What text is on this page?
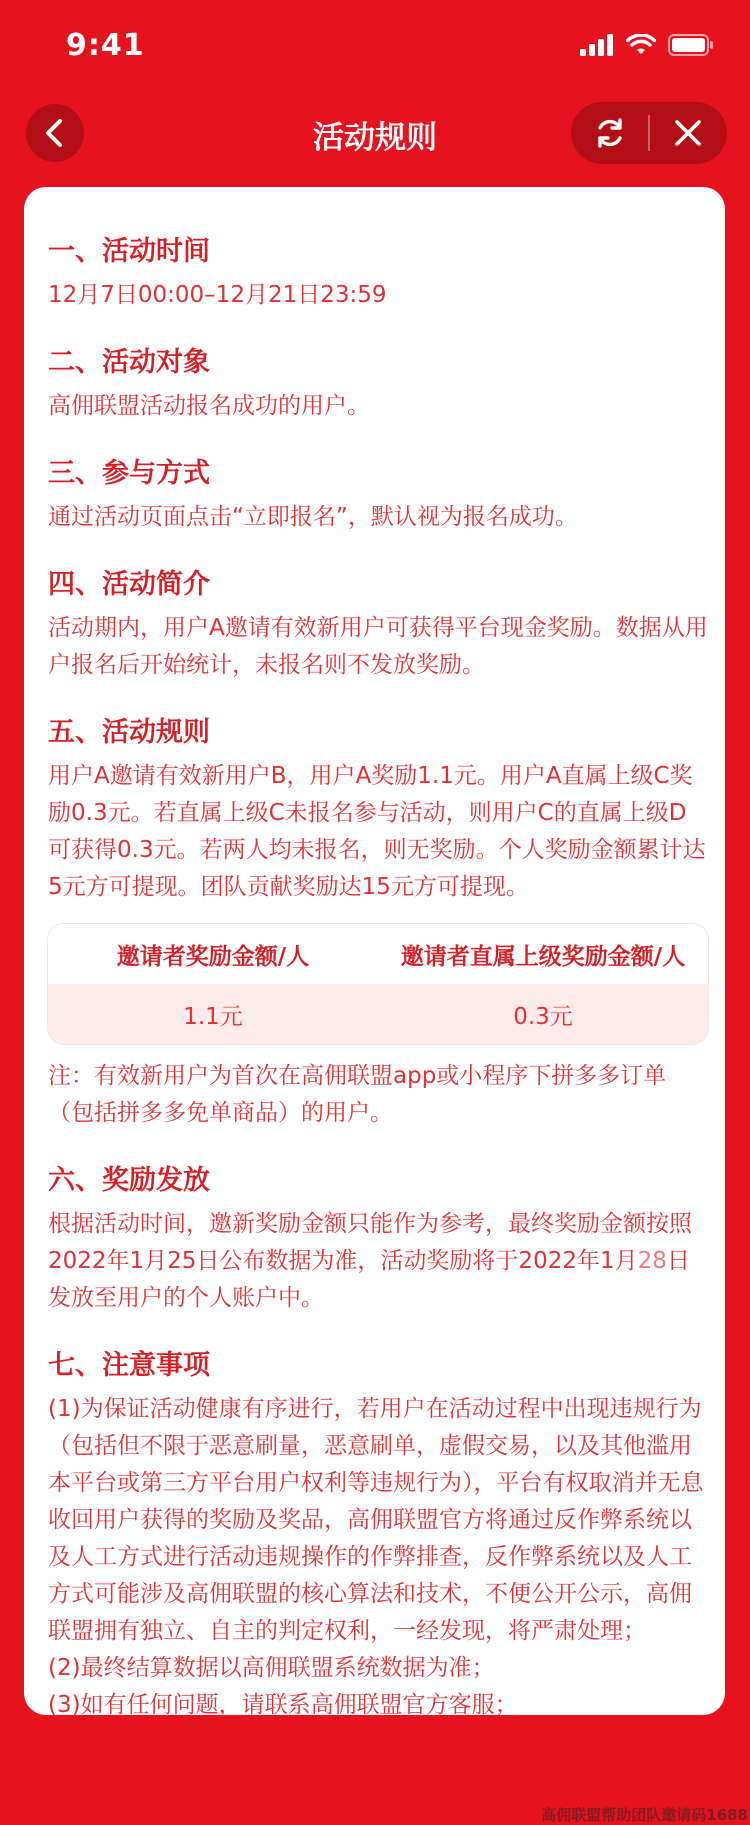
9:41
活动规则
一、活动时间
12月7日00:00–12月21日23:59
二、活动对象
高佣联盟活动报名成功的用户。
三、参与方式
通过活动页面点击“立即报名”，默认视为报名成功。
四、活动简介
活动期内，用户A邀请有效新用户可获得平台现金奖励。数据从用户报名后开始统计，未报名则不发放奖励。
五、活动规则
用户A邀请有效新用户B，用户A奖励1.1元。用户A直属上级C奖励0.3元。若直属上级C未报名参与活动，则用户C的直属上级D可获得0.3元。若两人均未报名，则无奖励。个人奖励金额累计达5元方可提现。团队贡献奖励达15元方可提现。
邀请者奖励金额/人	邀请者直属上级奖励金额/人
1.1元	0.3元
注：有效新用户为首次在高佣联盟app或小程序下拼多多订单（包括拼多多免单商品）的用户。
六、奖励发放
根据活动时间，邀新奖励金额只能作为参考，最终奖励金额按照2022年1月25日公布数据为准，活动奖励将于2022年1月28日发放至用户的个人账户中。
七、注意事项
(1)为保证活动健康有序进行，若用户在活动过程中出现违规行为（包括但不限于恶意刷量，恶意刷单，虚假交易，以及其他滥用本平台或第三方平台用户权利等违规行为），平台有权取消并无息收回用户获得的奖励及奖品，高佣联盟官方将通过反作弊系统以及人工方式进行活动违规操作的作弊排查，反作弊系统以及人工方式可能涉及高佣联盟的核心算法和技术，不便公开公示，高佣联盟拥有独立、自主的判定权利，一经发现，将严肃处理；
(2)最终结算数据以高佣联盟系统数据为准；
(3)如有任何问题，请联系高佣联盟官方客服；
高佣联盟帮助团队邀请码1688
